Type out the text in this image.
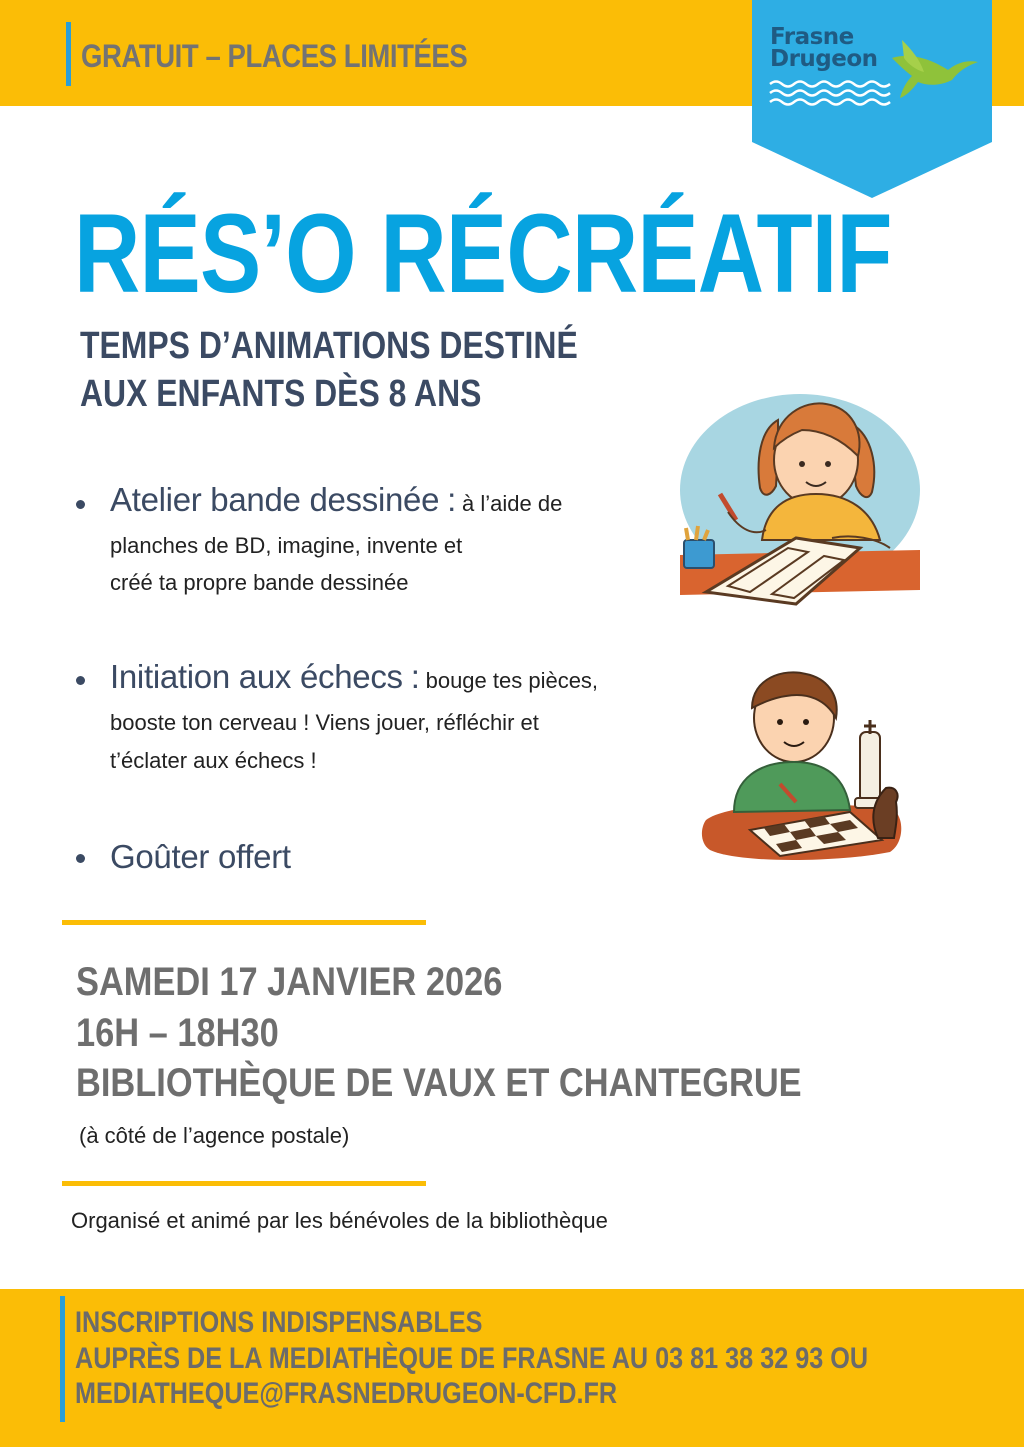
GRATUIT – PLACES LIMITÉES
Frasne
Drugeon
RÉS’O RÉCRÉATIF
TEMPS D’ANIMATIONS DESTINÉ
AUX ENFANTS DÈS 8 ANS
Atelier bande dessinée : à l’aide de
planches de BD, imagine, invente et
créé ta propre bande dessinée
Initiation aux échecs : bouge tes pièces,
booste ton cerveau ! Viens jouer, réfléchir et
t’éclater aux échecs !
Goûter offert
SAMEDI 17 JANVIER 2026
16H – 18H30
BIBLIOTHÈQUE DE VAUX ET CHANTEGRUE
(à côté de l’agence postale)
Organisé et animé par les bénévoles de la bibliothèque
INSCRIPTIONS INDISPENSABLES
AUPRÈS DE LA MEDIATHÈQUE DE FRASNE AU 03 81 38 32 93 OU
MEDIATHEQUE@FRASNEDRUGEON-CFD.FR
